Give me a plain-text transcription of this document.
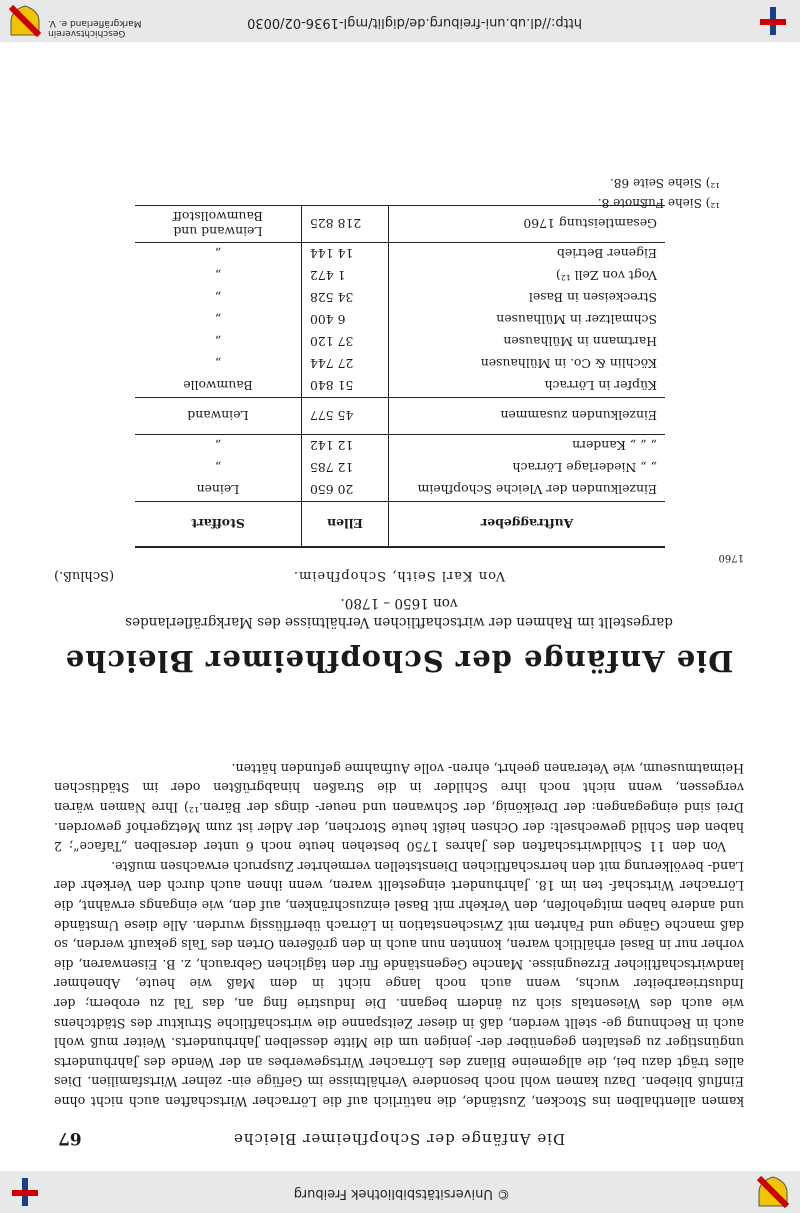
© Universitätsbibliothek Freiburg
Die Anfänge der Schopfheimer Bleiche
67

kamen allenthalben ins Stocken, Zustände, die natürlich auf die Lörracher Wirtschaften auch nicht ohne Einfluß blieben. Dazu kamen wohl noch besondere Verhältnisse im Gefüge ein- zelner Wirtsfamilien. Dies alles trägt dazu bei, die allgemeine Bilanz des Lörracher Wirtsgewerbes an der Wende des Jahrhunderts ungünstiger zu gestalten gegenüber der- jenigen um die Mitte desselben Jahrhunderts. Weiter muß wohl auch in Rechnung ge- stellt werden, daß in dieser Zeitspanne die wirtschaftliche Struktur des Städtchens wie auch des Wiesentals sich zu ändern begann. Die Industrie fing an, das Tal zu erobern; der Industriearbeiter wuchs, wenn auch noch lange nicht in dem Maß wie heute, Abnehmer landwirtschaftlicher Erzeugnisse. Manche Gegenstände für den täglichen Gebrauch, z. B. Eisenwaren, die vorher nur in Basel erhältlich waren, konnten nun auch in den größeren Orten des Tals gekauft werden, so daß manche Gänge und Fahrten mit Zwischenstation in Lörrach überflüssig wurden. Alle diese Umstände und andere haben mitgeholfen, den Verkehr mit Basel einzuschränken, auf den, wie eingangs erwähnt, die Lörracher Wirtschaf- ten im 18. Jahrhundert eingestellt waren, wenn ihnen auch durch den Verkehr der Land- bevölkerung mit den herrschaftlichen Dienststellen vermehrter Zuspruch erwachsen mußte.

Von den 11 Schildwirtschaften des Jahres 1750 bestehen heute noch 6 unter derselben „Taface“; 2 haben den Schild gewechselt: der Ochsen heißt heute Storchen, der Adler ist zum Metzgerhof geworden. Drei sind eingegangen: der Dreikönig, der Schwanen und neuer- dings der Bären.¹²) Ihre Namen wären vergessen, wenn nicht noch ihre Schilder in die Straßen hinabgrüßten oder im Städtischen Heimatmuseum, wie Veteranen geehrt, ehren- volle Aufnahme gefunden hätten.

Die Anfänge der Schopfheimer Bleiche
dargestellt im Rahmen der wirtschaftlichen Verhältnisse des Markgräflerlandes
von 1650 – 1780.
Von Karl Seith, Schopfheim.
(Schluß.)
1760
Auftraggeber	Ellen	Stoffart
Einzelkunden der Vleiche Schopfheim	20 650	Leinen
„ „ Niederlage Lörrach	12 785	„
„ „ „ Kandern	12 142	„
Einzelkunden zusammen	45 577	Leinwand
Küpfer in Lörrach	51 840	Baumwolle
Köchlin & Co. in Mülhausen	27 744	„
Hartmann in Mülhausen	37 120	„
Schmaltzer in Mülhausen	6 400	„
Streckeisen in Basel	34 528	„
Vogt von Zell ¹²)	1 472	„
Eigener Betrieb	14 144	„
Gesamtleistung 1760	218 825	Leinwand und Baumwollstoff
¹²) Siehe Fußnote 8.
¹²) Siehe Seite 68.
http://dl.ub.uni-freiburg.de/diglit/mgl-1936-02/0030
Geschichtsverein
Markgräflerland e. V.
